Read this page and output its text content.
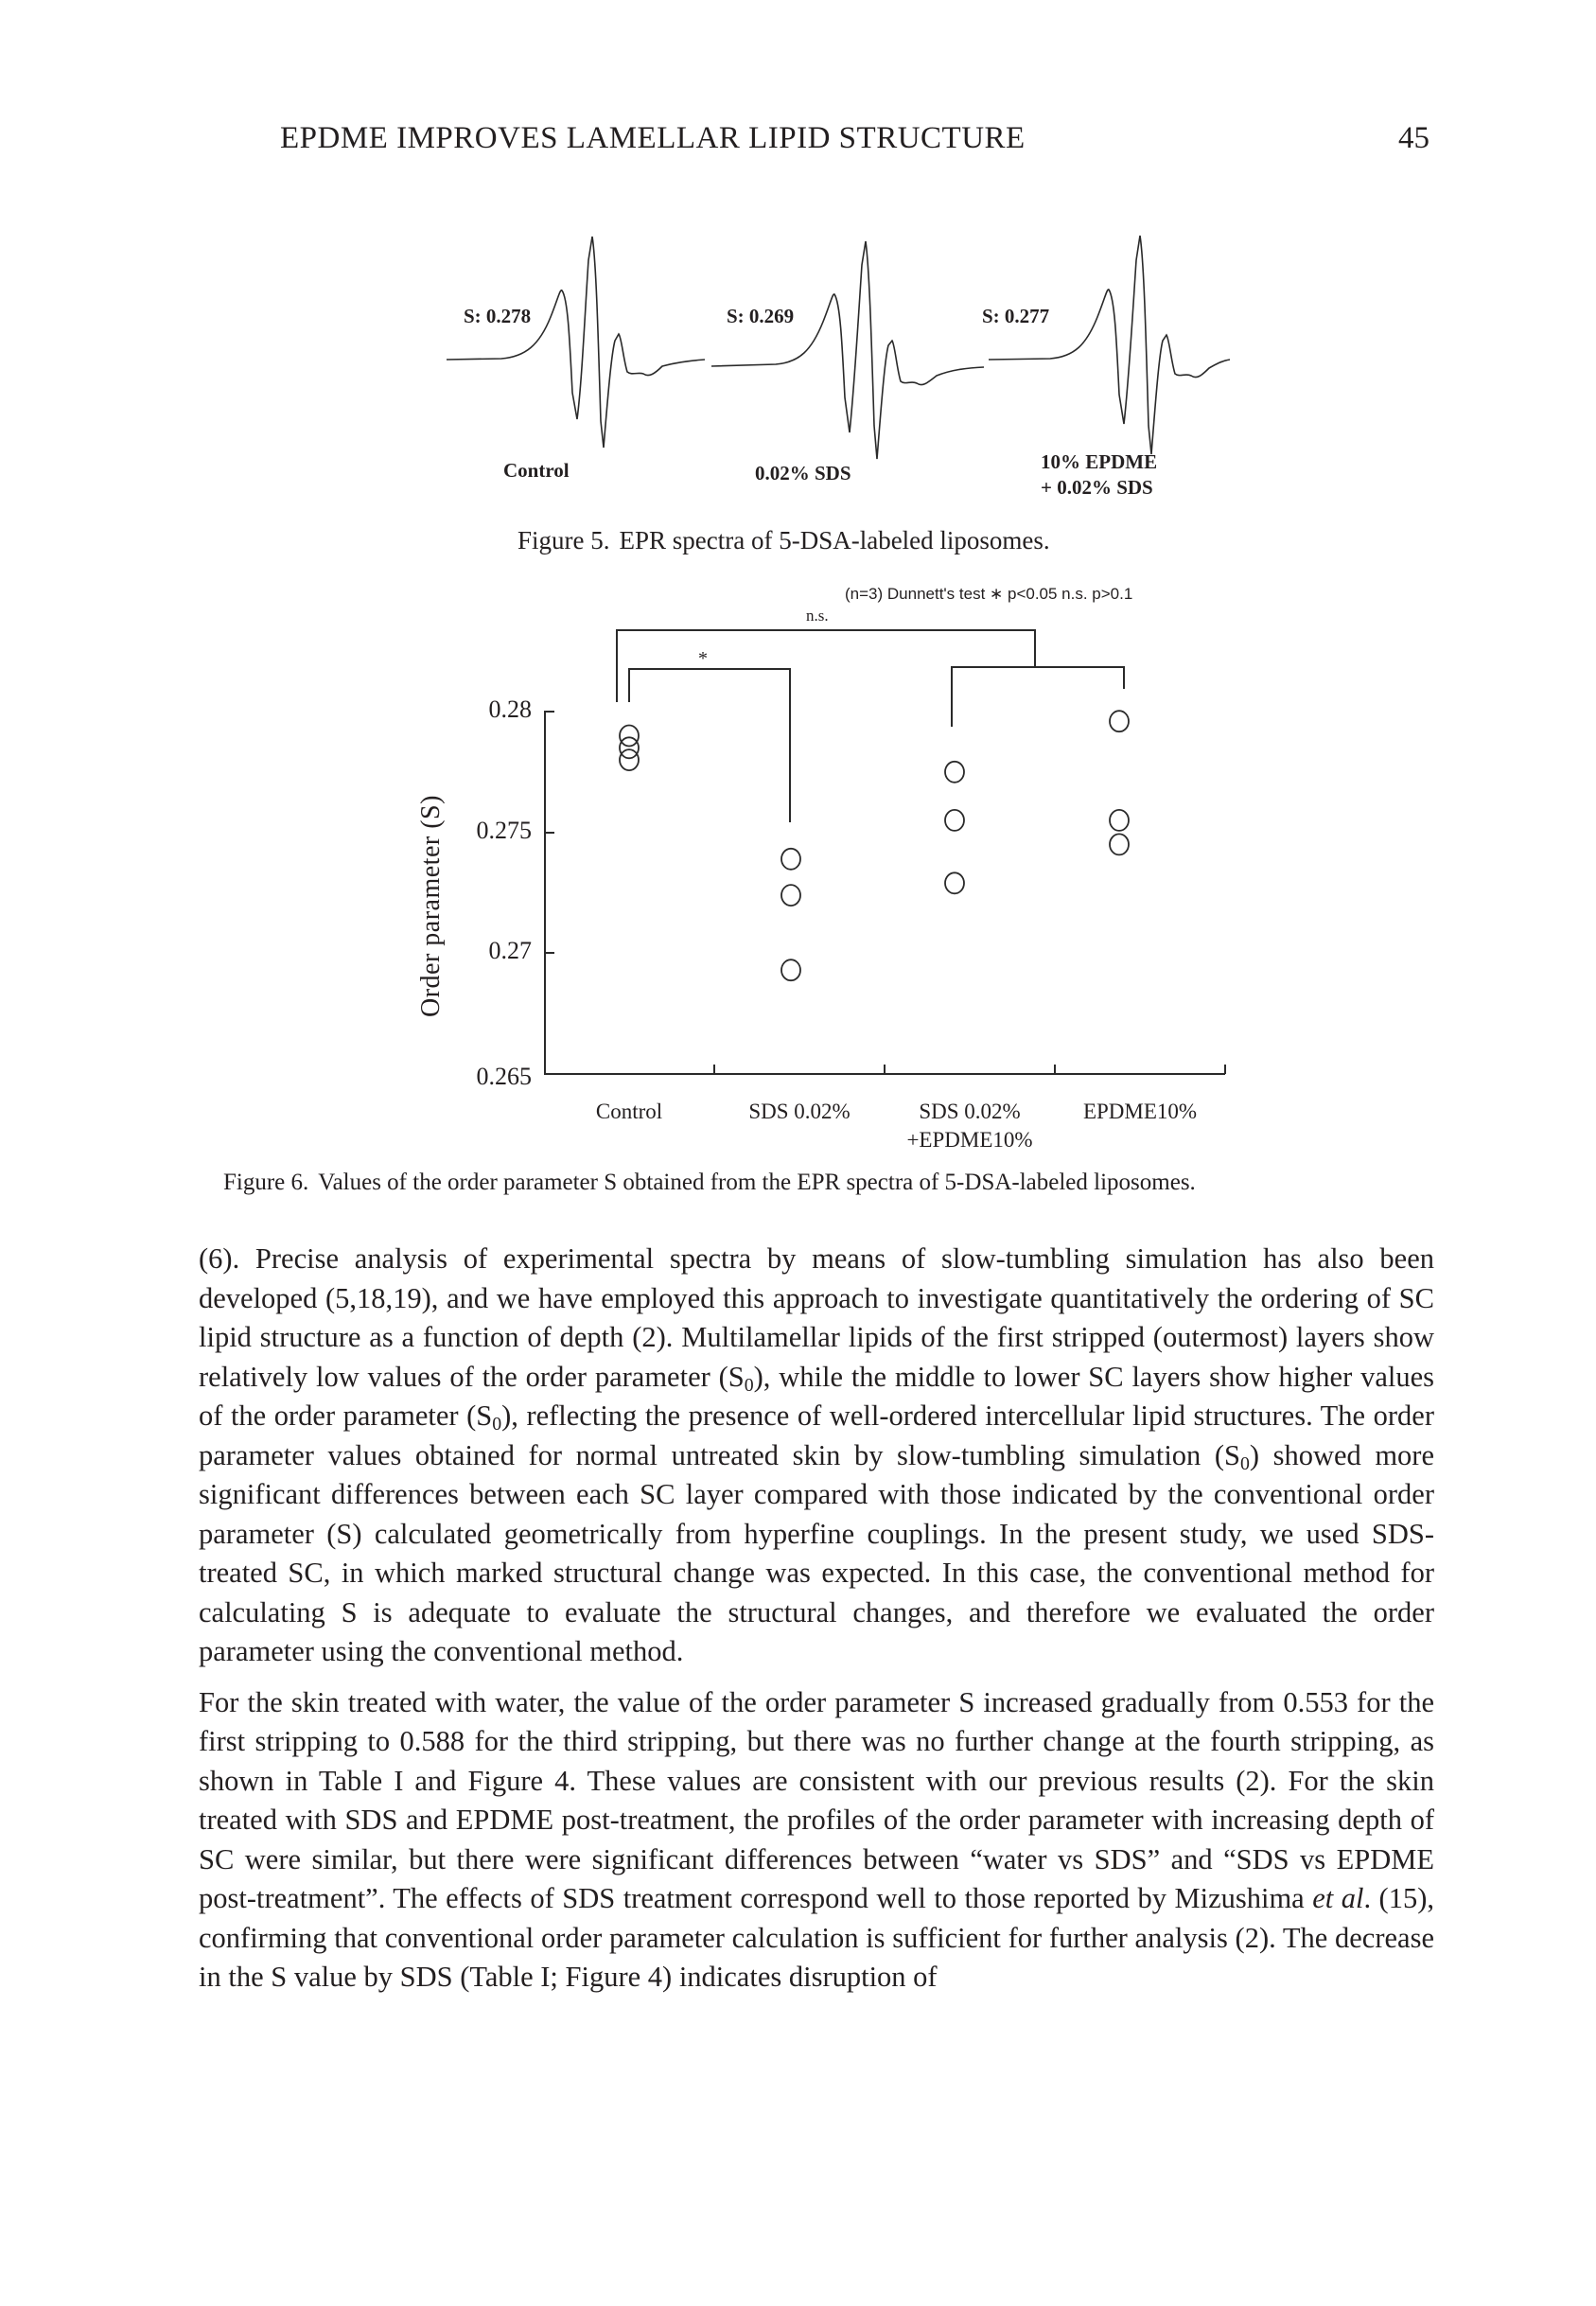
EPDME IMPROVES LAMELLAR LIPID STRUCTURE	45
S: 0.278	S: 0.269	S: 0.277
Control	0.02% SDS	10% EPDME
+ 0.02% SDS
Figure 5. EPR spectra of 5-DSA-labeled liposomes.
(n=3) Dunnett's test ∗ p<0.05 n.s. p>0.1
n.s.
*
0.28
0.275
0.27
0.265
Order parameter (S)
Control	SDS 0.02%	SDS 0.02%
+EPDME10%
EPDME10%
Figure 6. Values of the order parameter S obtained from the EPR spectra of 5-DSA-labeled liposomes.

(6). Precise analysis of experimental spectra by means of slow-tumbling simulation has also been developed (5,18,19), and we have employed this approach to investigate quantitatively the ordering of SC lipid structure as a function of depth (2). Multilamellar lipids of the first stripped (outermost) layers show relatively low values of the order parameter $(S_0)$, while the middle to lower SC layers show higher values of the order parameter $(S_0)$, reflecting the presence of well-ordered intercellular lipid structures. The order parameter values obtained for normal untreated skin by slow-tumbling simulation $(S_0)$ showed more significant differences between each SC layer compared with those indicated by the conventional order parameter (S) calculated geometrically from hyperfine couplings. In the present study, we used SDS-treated SC, in which marked structural change was expected. In this case, the conventional method for calculating S is adequate to evaluate the structural changes, and therefore we evaluated the order parameter using the conventional method.

For the skin treated with water, the value of the order parameter S increased gradually from 0.553 for the first stripping to 0.588 for the third stripping, but there was no further change at the fourth stripping, as shown in Table I and Figure 4. These values are consistent with our previous results (2). For the skin treated with SDS and EPDME post-treatment, the profiles of the order parameter with increasing depth of SC were similar, but there were significant differences between “water vs SDS” and “SDS vs EPDME post-treatment”. The effects of SDS treatment correspond well to those reported by Mizushima et al. (15), confirming that conventional order parameter calculation is sufficient for further analysis (2). The decrease in the S value by SDS (Table I; Figure 4) indicates disruption of
